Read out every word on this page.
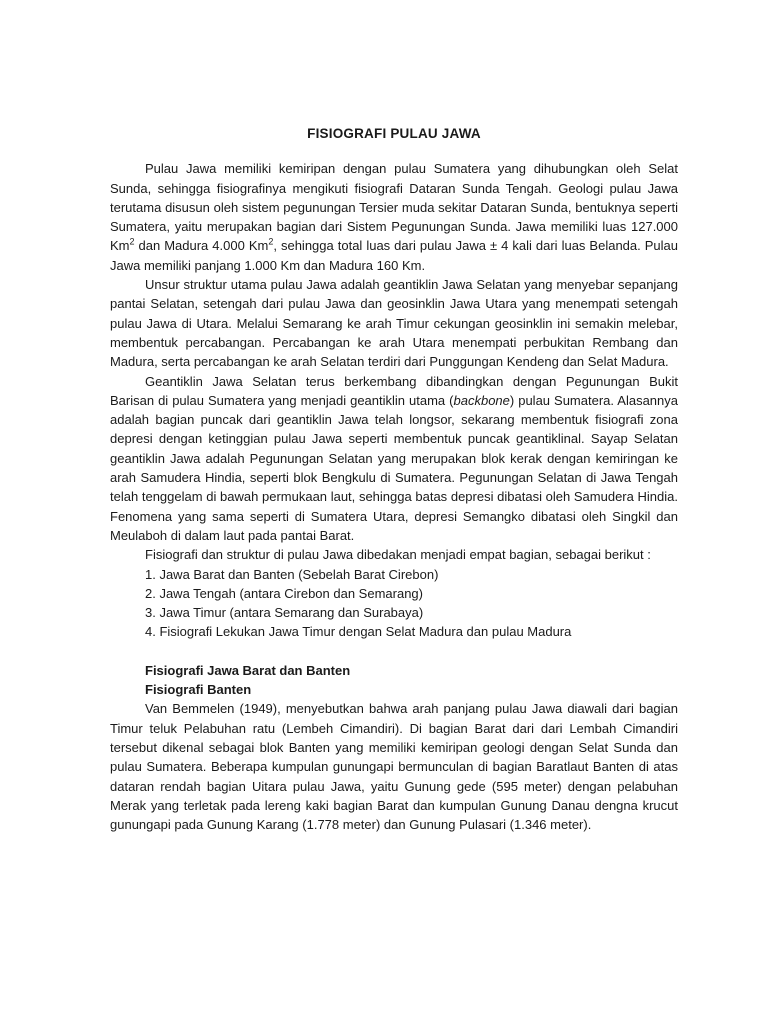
FISIOGRAFI PULAU JAWA

Pulau Jawa memiliki kemiripan dengan pulau Sumatera yang dihubungkan oleh Selat Sunda, sehingga fisiografinya mengikuti fisiografi Dataran Sunda Tengah. Geologi pulau Jawa terutama disusun oleh sistem pegunungan Tersier muda sekitar Dataran Sunda, bentuknya seperti Sumatera, yaitu merupakan bagian dari Sistem Pegunungan Sunda. Jawa memiliki luas 127.000 Km$^2$ dan Madura 4.000 Km$^2$, sehingga total luas dari pulau Jawa ± 4 kali dari luas Belanda. Pulau Jawa memiliki panjang 1.000 Km dan Madura 160 Km.

Unsur struktur utama pulau Jawa adalah geantiklin Jawa Selatan yang menyebar sepanjang pantai Selatan, setengah dari pulau Jawa dan geosinklin Jawa Utara yang menempati setengah pulau Jawa di Utara. Melalui Semarang ke arah Timur cekungan geosinklin ini semakin melebar, membentuk percabangan. Percabangan ke arah Utara menempati perbukitan Rembang dan Madura, serta percabangan ke arah Selatan terdiri dari Punggungan Kendeng dan Selat Madura.

Geantiklin Jawa Selatan terus berkembang dibandingkan dengan Pegunungan Bukit Barisan di pulau Sumatera yang menjadi geantiklin utama (backbone) pulau Sumatera. Alasannya adalah bagian puncak dari geantiklin Jawa telah longsor, sekarang membentuk fisiografi zona depresi dengan ketinggian pulau Jawa seperti membentuk puncak geantiklinal. Sayap Selatan geantiklin Jawa adalah Pegunungan Selatan yang merupakan blok kerak dengan kemiringan ke arah Samudera Hindia, seperti blok Bengkulu di Sumatera. Pegunungan Selatan di Jawa Tengah telah tenggelam di bawah permukaan laut, sehingga batas depresi dibatasi oleh Samudera Hindia. Fenomena yang sama seperti di Sumatera Utara, depresi Semangko dibatasi oleh Singkil dan Meulaboh di dalam laut pada pantai Barat.

Fisiografi dan struktur di pulau Jawa dibedakan menjadi empat bagian, sebagai berikut :

1. Jawa Barat dan Banten (Sebelah Barat Cirebon)
2. Jawa Tengah (antara Cirebon dan Semarang)
3. Jawa Timur (antara Semarang dan Surabaya)
4. Fisiografi Lekukan Jawa Timur dengan Selat Madura dan pulau Madura
Fisiografi Jawa Barat dan Banten
Fisiografi Banten

Van Bemmelen (1949), menyebutkan bahwa arah panjang pulau Jawa diawali dari bagian Timur teluk Pelabuhan ratu (Lembeh Cimandiri). Di bagian Barat dari dari Lembah Cimandiri tersebut dikenal sebagai blok Banten yang memiliki kemiripan geologi dengan Selat Sunda dan pulau Sumatera. Beberapa kumpulan gunungapi bermunculan di bagian Baratlaut Banten di atas dataran rendah bagian Uitara pulau Jawa, yaitu Gunung gede (595 meter) dengan pelabuhan Merak yang terletak pada lereng kaki bagian Barat dan kumpulan Gunung Danau dengna krucut gunungapi pada Gunung Karang (1.778 meter) dan Gunung Pulasari (1.346 meter).
